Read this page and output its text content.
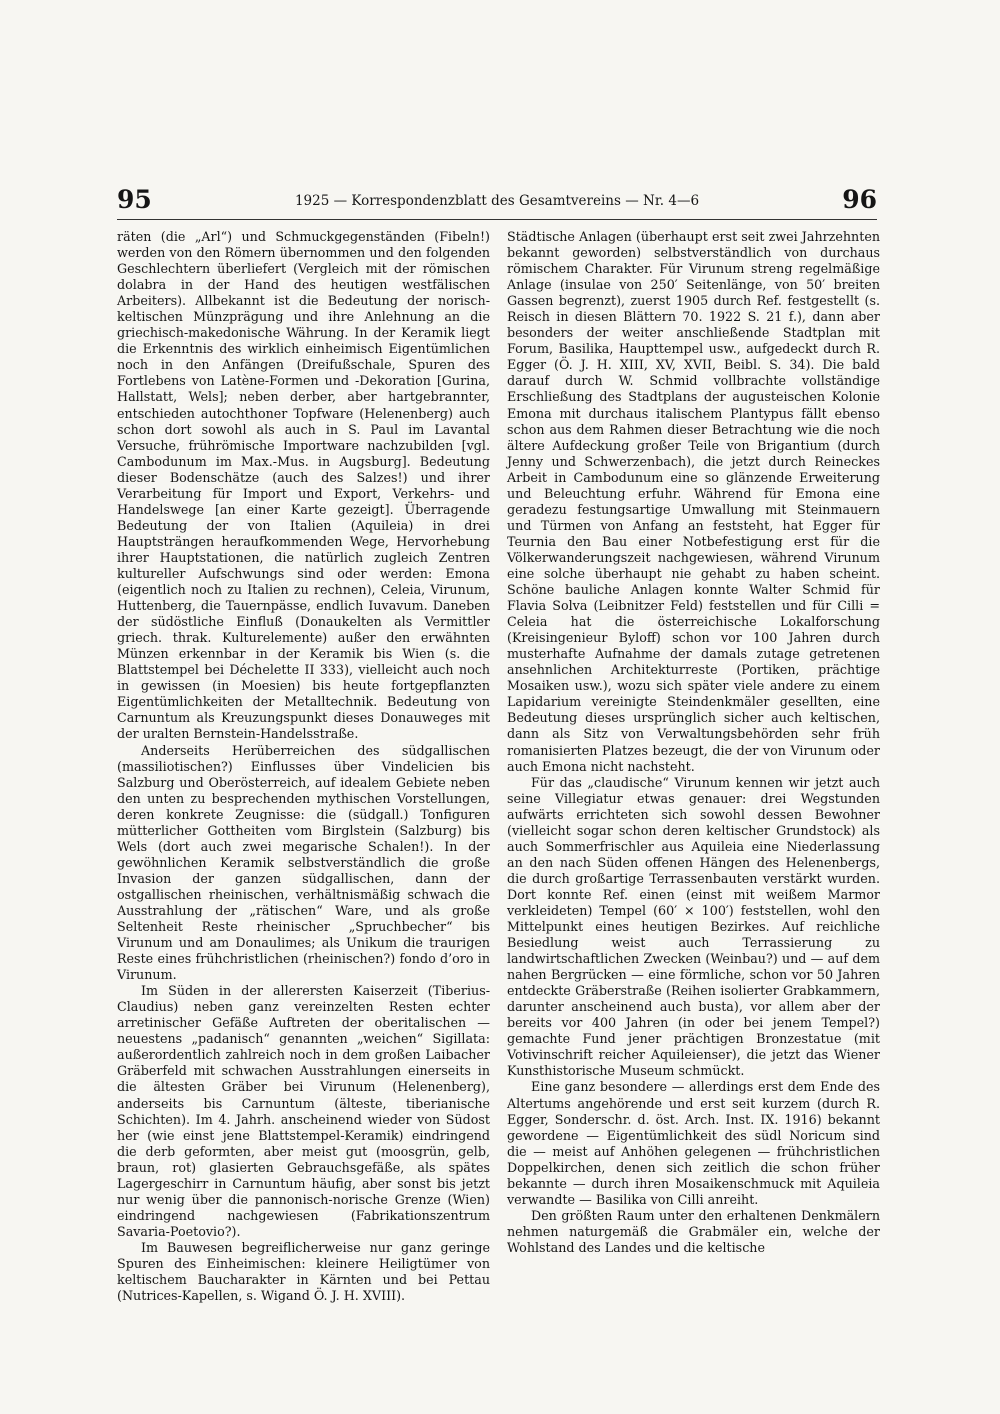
95	1925 — Korrespondenzblatt des Gesamtvereins — Nr. 4—6	96

räten (die „Arl“) und Schmuckgegenständen (Fibeln!) werden von den Römern übernommen und den folgenden Geschlechtern überliefert (Vergleich mit der römischen dolabra in der Hand des heutigen westfälischen Arbeiters). Allbekannt ist die Bedeutung der norisch-keltischen Münzprägung und ihre Anlehnung an die griechisch-makedonische Währung. In der Keramik liegt die Erkenntnis des wirklich einheimisch Eigentümlichen noch in den Anfängen (Dreifußschale, Spuren des Fortlebens von Latène-Formen und -Dekoration [Gurina, Hallstatt, Wels]; neben derber, aber hartgebrannter, entschieden autochthoner Topfware (Helenenberg) auch schon dort sowohl als auch in S. Paul im Lavantal Versuche, frührömische Importware nachzubilden [vgl. Cambodunum im Max.-Mus. in Augsburg]. Bedeutung dieser Bodenschätze (auch des Salzes!) und ihrer Verarbeitung für Import und Export, Verkehrs- und Handelswege [an einer Karte gezeigt]. Überragende Bedeutung der von Italien (Aquileia) in drei Hauptsträngen heraufkommenden Wege, Hervorhebung ihrer Hauptstationen, die natürlich zugleich Zentren kultureller Aufschwungs sind oder werden: Emona (eigentlich noch zu Italien zu rechnen), Celeia, Virunum, Huttenberg, die Tauernpässe, endlich Iuvavum. Daneben der südöstliche Einfluß (Donaukelten als Vermittler griech. thrak. Kulturelemente) außer den erwähnten Münzen erkennbar in der Keramik bis Wien (s. die Blattstempel bei Déchelette II 333), vielleicht auch noch in gewissen (in Moesien) bis heute fortgepflanzten Eigentümlichkeiten der Metalltechnik. Bedeutung von Carnuntum als Kreuzungspunkt dieses Donauweges mit der uralten Bernstein-Handelsstraße.

Anderseits Herüberreichen des südgallischen (massiliotischen?) Einflusses über Vindelicien bis Salzburg und Oberösterreich, auf idealem Gebiete neben den unten zu besprechenden mythischen Vorstellungen, deren konkrete Zeugnisse: die (südgall.) Tonfiguren mütterlicher Gottheiten vom Birglstein (Salzburg) bis Wels (dort auch zwei megarische Schalen!). In der gewöhnlichen Keramik selbstverständlich die große Invasion der ganzen südgallischen, dann der ostgallischen rheinischen, verhältnismäßig schwach die Ausstrahlung der „rätischen“ Ware, und als große Seltenheit Reste rheinischer „Spruchbecher“ bis Virunum und am Donaulimes; als Unikum die traurigen Reste eines frühchristlichen (rheinischen?) fondo d’oro in Virunum.

Im Süden in der allerersten Kaiserzeit (Tiberius-Claudius) neben ganz vereinzelten Resten echter arretinischer Gefäße Auftreten der oberitalischen — neuestens „padanisch“ genannten „weichen“ Sigillata: außerordentlich zahlreich noch in dem großen Laibacher Gräberfeld mit schwachen Ausstrahlungen einerseits in die ältesten Gräber bei Virunum (Helenenberg), anderseits bis Carnuntum (älteste, tiberianische Schichten). Im 4. Jahrh. anscheinend wieder von Südost her (wie einst jene Blattstempel-Keramik) eindringend die derb geformten, aber meist gut (moosgrün, gelb, braun, rot) glasierten Gebrauchsgefäße, als spätes Lagergeschirr in Carnuntum häufig, aber sonst bis jetzt nur wenig über die pannonisch-norische Grenze (Wien) eindringend nachgewiesen (Fabrikationszentrum Savaria-Poetovio?).

Im Bauwesen begreiflicherweise nur ganz geringe Spuren des Einheimischen: kleinere Heiligtümer von keltischem Baucharakter in Kärnten und bei Pettau (Nutrices-Kapellen, s. Wigand Ö. J. H. XVIII).

Städtische Anlagen (überhaupt erst seit zwei Jahrzehnten bekannt geworden) selbstverständlich von durchaus römischem Charakter. Für Virunum streng regelmäßige Anlage (insulae von 250′ Seitenlänge, von 50′ breiten Gassen begrenzt), zuerst 1905 durch Ref. festgestellt (s. Reisch in diesen Blättern 70. 1922 S. 21 f.), dann aber besonders der weiter anschließende Stadtplan mit Forum, Basilika, Haupttempel usw., aufgedeckt durch R. Egger (Ö. J. H. XIII, XV, XVII, Beibl. S. 34). Die bald darauf durch W. Schmid vollbrachte vollständige Erschließung des Stadtplans der augusteischen Kolonie Emona mit durchaus italischem Plantypus fällt ebenso schon aus dem Rahmen dieser Betrachtung wie die noch ältere Aufdeckung großer Teile von Brigantium (durch Jenny und Schwerzenbach), die jetzt durch Reineckes Arbeit in Cambodunum eine so glänzende Erweiterung und Beleuchtung erfuhr. Während für Emona eine geradezu festungsartige Umwallung mit Steinmauern und Türmen von Anfang an feststeht, hat Egger für Teurnia den Bau einer Notbefestigung erst für die Völkerwanderungszeit nachgewiesen, während Virunum eine solche überhaupt nie gehabt zu haben scheint. Schöne bauliche Anlagen konnte Walter Schmid für Flavia Solva (Leibnitzer Feld) feststellen und für Cilli = Celeia hat die österreichische Lokalforschung (Kreisingenieur Byloff) schon vor 100 Jahren durch musterhafte Aufnahme der damals zutage getretenen ansehnlichen Architekturreste (Portiken, prächtige Mosaiken usw.), wozu sich später viele andere zu einem Lapidarium vereinigte Steindenkmäler gesellten, eine Bedeutung dieses ursprünglich sicher auch keltischen, dann als Sitz von Verwaltungsbehörden sehr früh romanisierten Platzes bezeugt, die der von Virunum oder auch Emona nicht nachsteht.

Für das „claudische“ Virunum kennen wir jetzt auch seine Villegiatur etwas genauer: drei Wegstunden aufwärts errichteten sich sowohl dessen Bewohner (vielleicht sogar schon deren keltischer Grundstock) als auch Sommerfrischler aus Aquileia eine Niederlassung an den nach Süden offenen Hängen des Helenenbergs, die durch großartige Terrassenbauten verstärkt wurden. Dort konnte Ref. einen (einst mit weißem Marmor verkleideten) Tempel (60′ × 100′) feststellen, wohl den Mittelpunkt eines heutigen Bezirkes. Auf reichliche Besiedlung weist auch Terrassierung zu landwirtschaftlichen Zwecken (Weinbau?) und — auf dem nahen Bergrücken — eine förmliche, schon vor 50 Jahren entdeckte Gräberstraße (Reihen isolierter Grabkammern, darunter anscheinend auch busta), vor allem aber der bereits vor 400 Jahren (in oder bei jenem Tempel?) gemachte Fund jener prächtigen Bronzestatue (mit Votivinschrift reicher Aquileienser), die jetzt das Wiener Kunsthistorische Museum schmückt.

Eine ganz besondere — allerdings erst dem Ende des Altertums angehörende und erst seit kurzem (durch R. Egger, Sonderschr. d. öst. Arch. Inst. IX. 1916) bekannt gewordene — Eigentümlichkeit des südl Noricum sind die — meist auf Anhöhen gelegenen — frühchristlichen Doppelkirchen, denen sich zeitlich die schon früher bekannte — durch ihren Mosaikenschmuck mit Aquileia verwandte — Basilika von Cilli anreiht.

Den größten Raum unter den erhaltenen Denkmälern nehmen naturgemäß die Grabmäler ein, welche der Wohlstand des Landes und die keltische
